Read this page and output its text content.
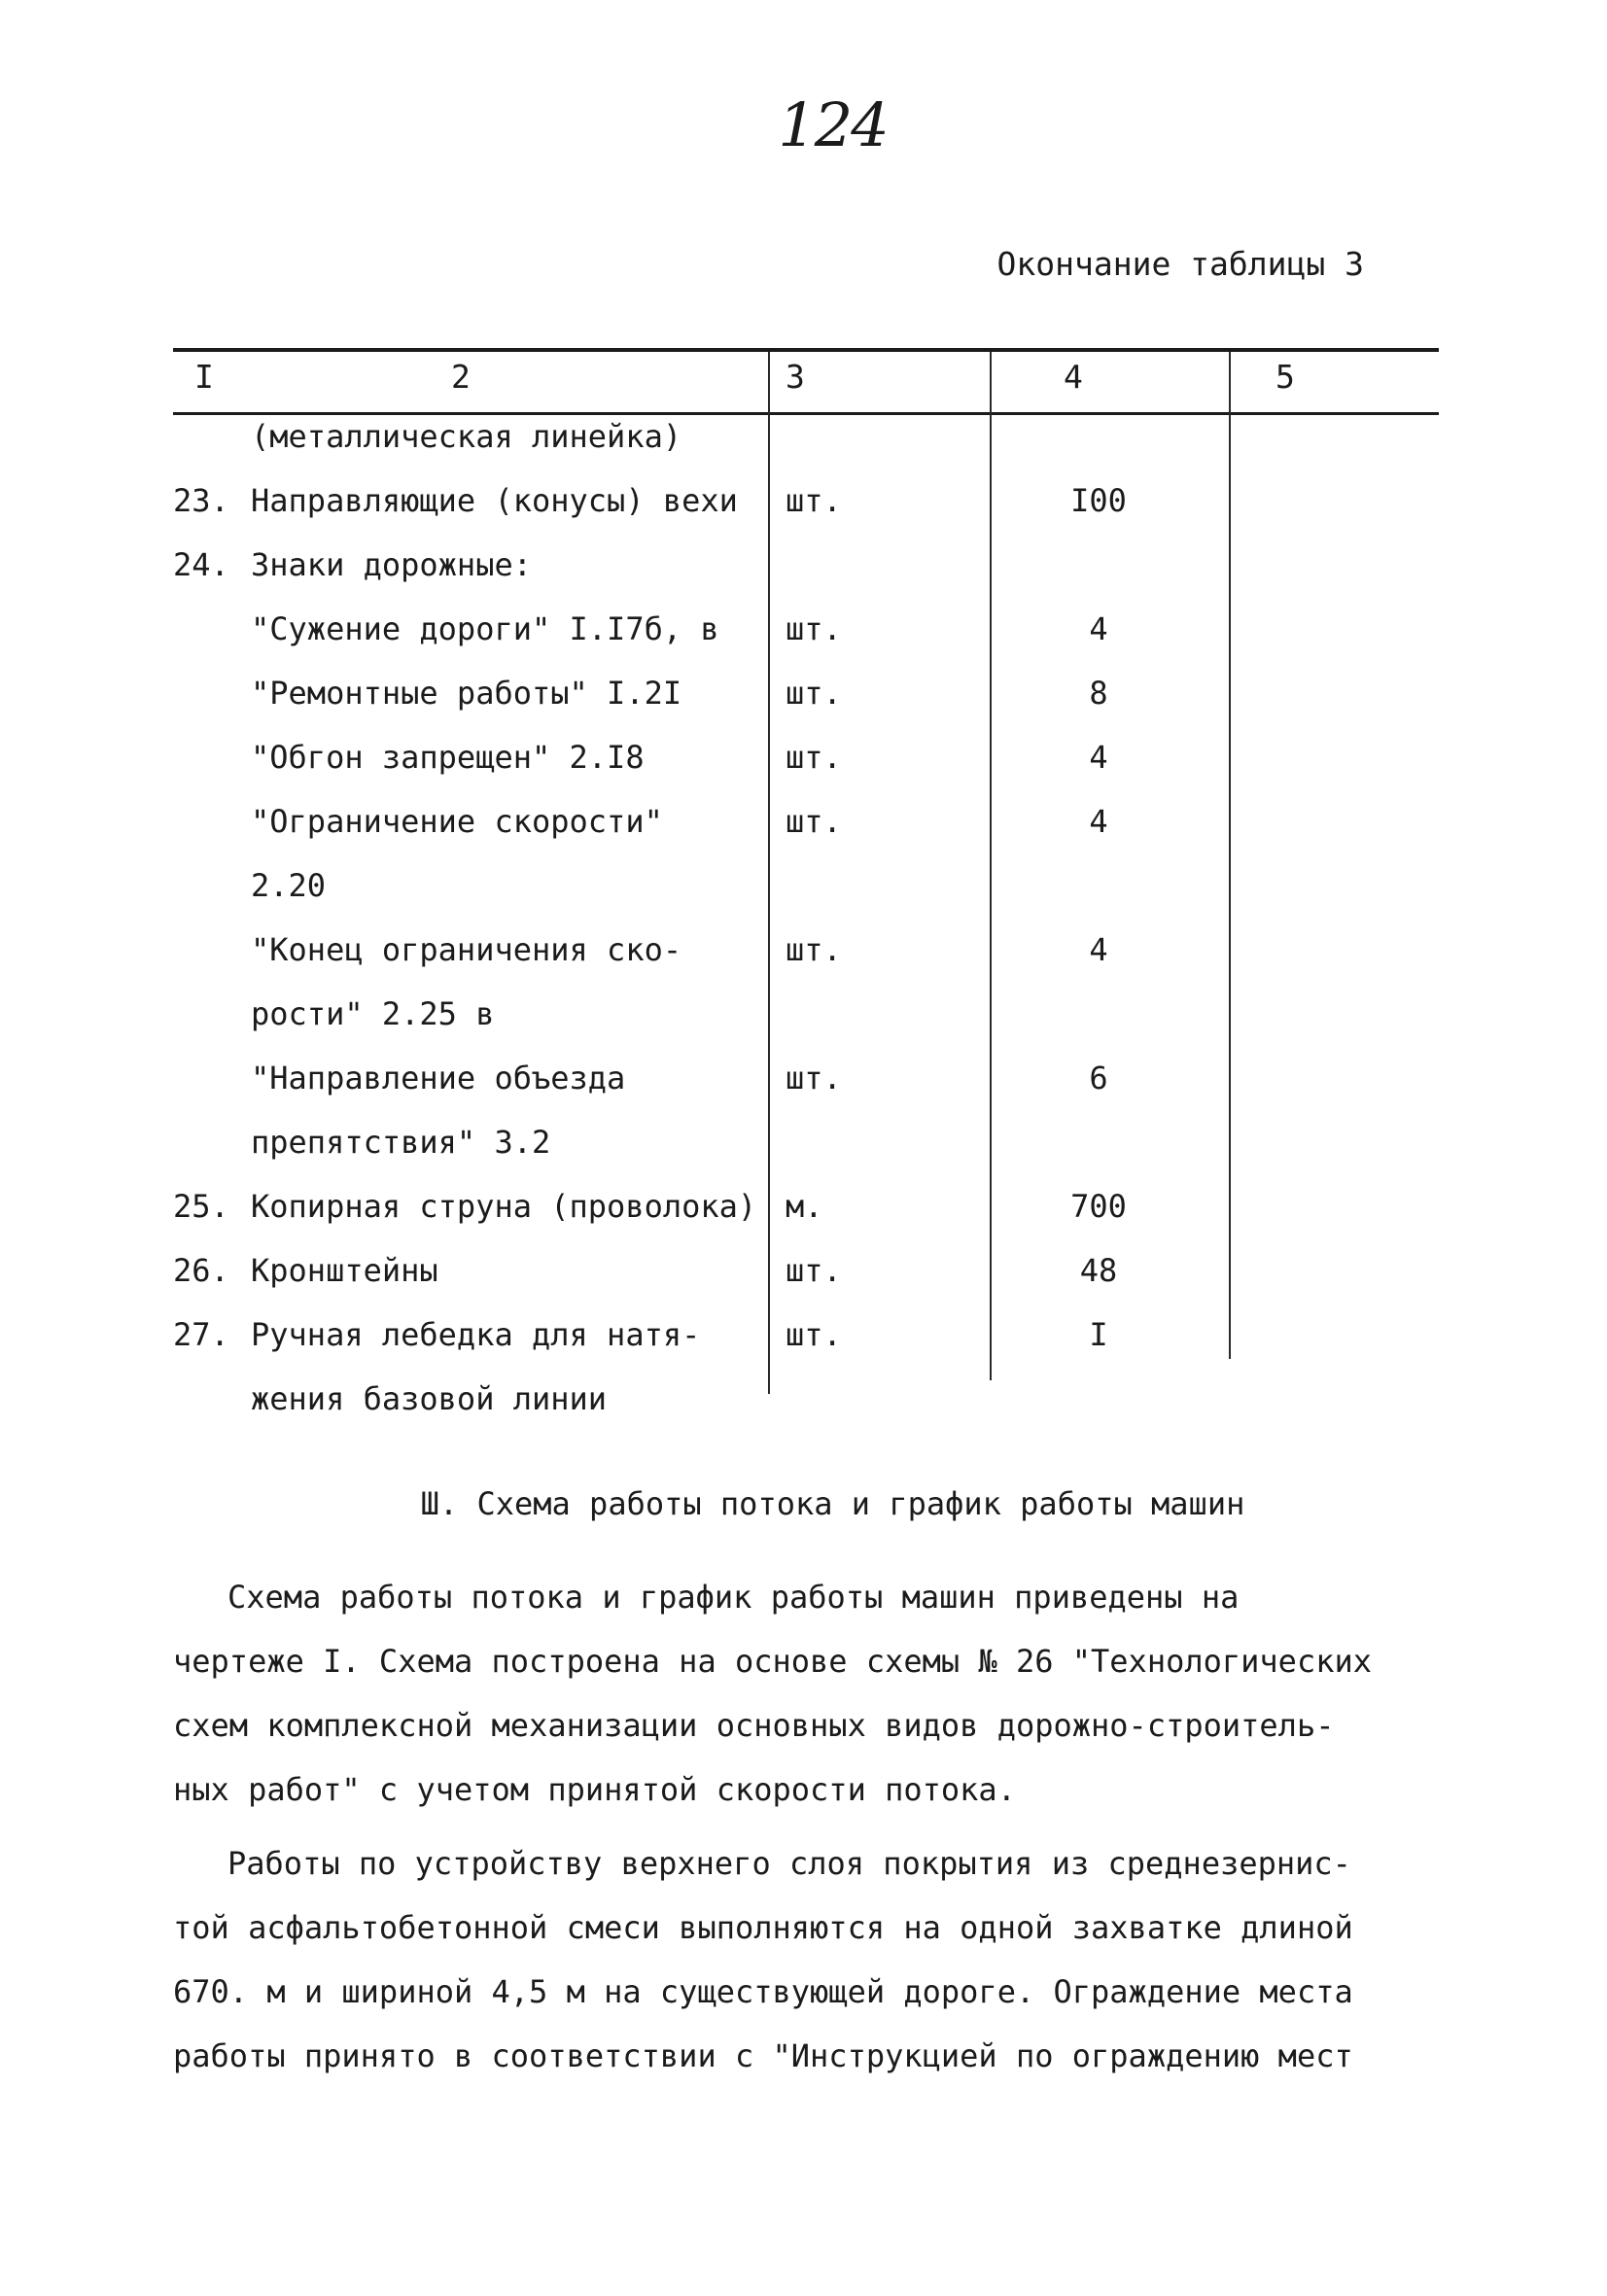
124
Окончание таблицы 3
I	2	3	4	5
(металлическая линейка)
23. Направляющие (конусы) вехи шт.	I00
24. Знаки дорожные:
"Сужение дороги" I.I7б, в шт.	4
"Ремонтные работы" I.2I	шт.	8
"Обгон запрещен" 2.I8	шт.	4
"Ограничение скорости"	шт.	4
2.20
"Конец ограничения ско-	шт.	4
рости" 2.25 в
"Направление объезда	шт.	6
препятствия" 3.2
25. Копирная струна (проволока) м.	700
26. Кронштейны	шт.	48
27. Ручная лебедка для натя-	шт.	I
жения базовой линии
Ш. Схема работы потока и график работы машин
Схема работы потока и график работы машин приведены на
чертеже I. Схема построена на основе схемы № 26 "Технологических
схем комплексной механизации основных видов дорожно-строитель-
ных работ" с учетом принятой скорости потока.
Работы по устройству верхнего слоя покрытия из среднезернис-
той асфальтобетонной смеси выполняются на одной захватке длиной
670. м и шириной 4,5 м на существующей дороге. Ограждение места
работы принято в соответствии с "Инструкцией по ограждению мест
